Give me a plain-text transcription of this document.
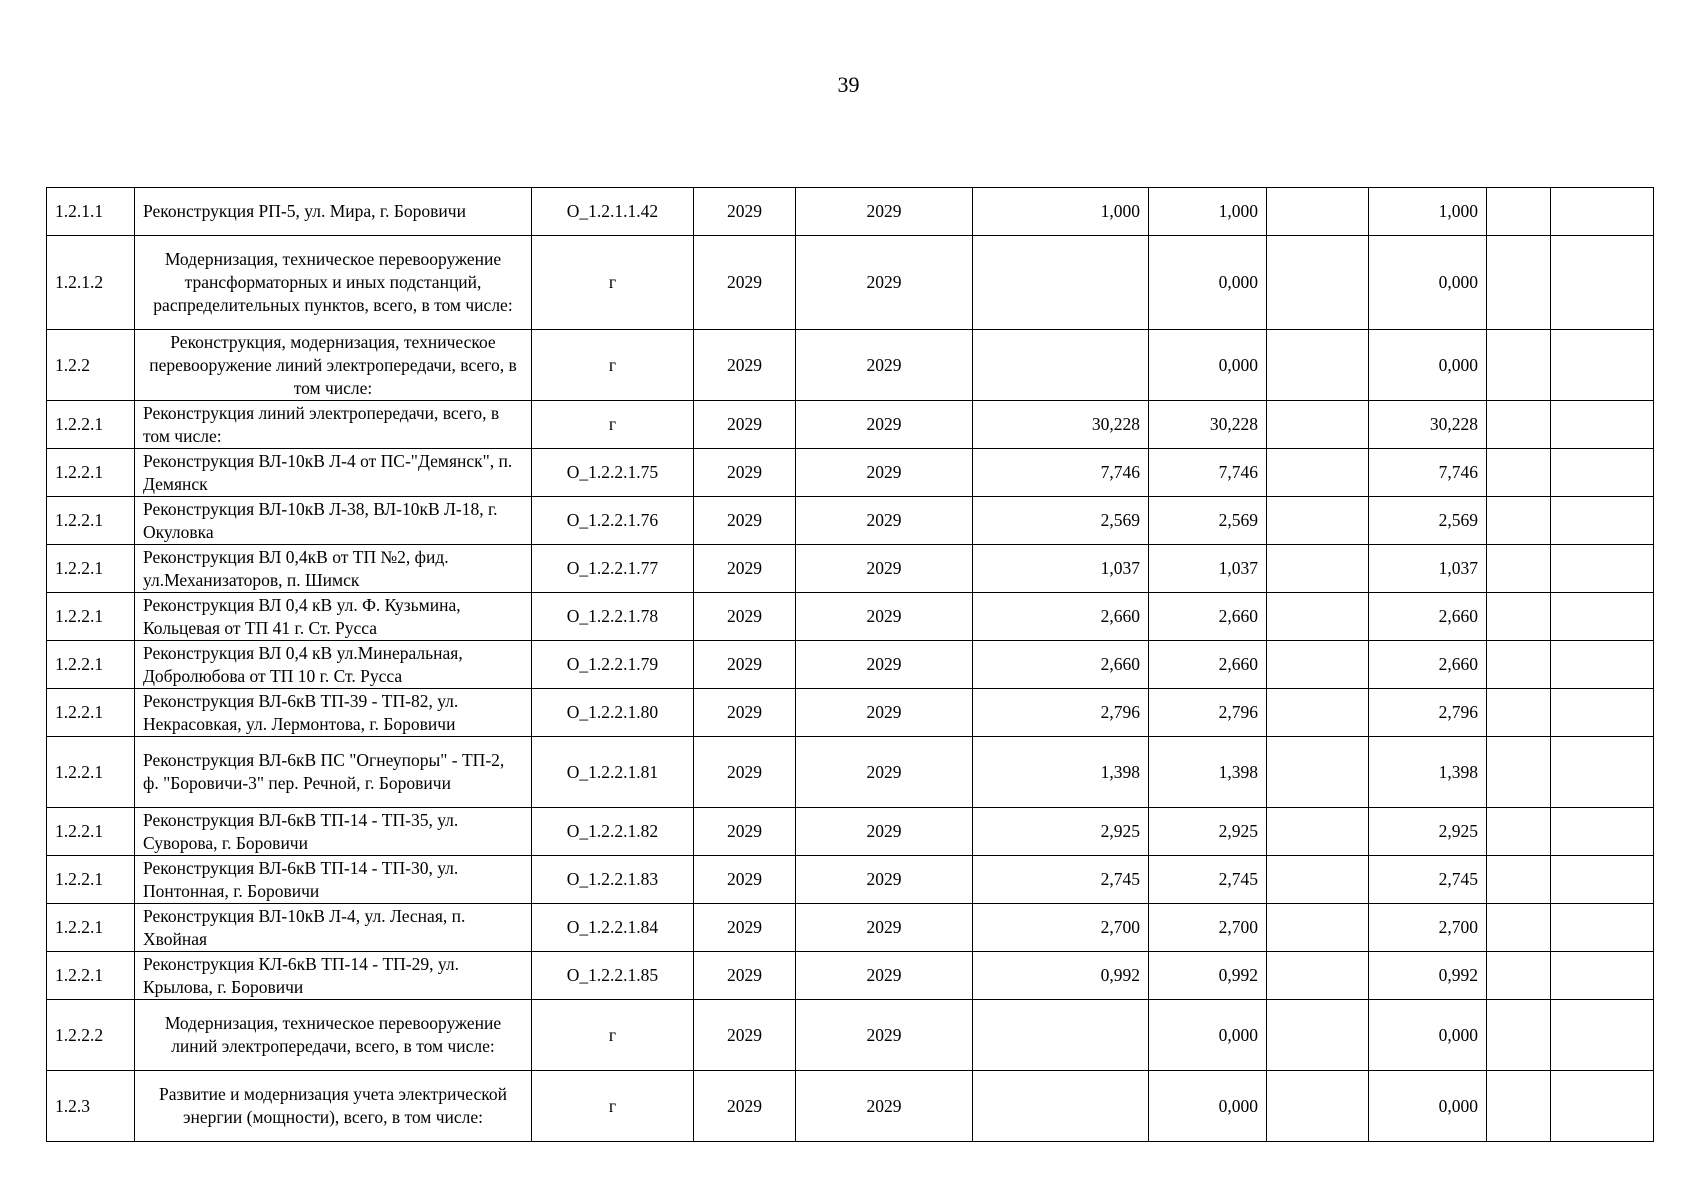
39
1.2.1.1	Реконструкция РП-5, ул. Мира, г. Боровичи	О_1.2.1.1.42	2029	2029	1,000	1,000		1,000		
1.2.1.2	Модернизация, техническое перевооружение трансформаторных и иных подстанций, распределительных пунктов, всего, в том числе:	г	2029	2029		0,000		0,000		
1.2.2	Реконструкция, модернизация, техническое перевооружение линий электропередачи, всего, в том числе:	г	2029	2029		0,000		0,000		
1.2.2.1	Реконструкция линий электропередачи, всего, в том числе:	г	2029	2029	30,228	30,228		30,228		
1.2.2.1	Реконструкция ВЛ-10кВ Л-4 от ПС-"Демянск", п. Демянск	О_1.2.2.1.75	2029	2029	7,746	7,746		7,746		
1.2.2.1	Реконструкция ВЛ-10кВ Л-38, ВЛ-10кВ Л-18, г. Окуловка	О_1.2.2.1.76	2029	2029	2,569	2,569		2,569		
1.2.2.1	Реконструкция ВЛ 0,4кВ от ТП №2, фид. ул.Механизаторов, п. Шимск	О_1.2.2.1.77	2029	2029	1,037	1,037		1,037		
1.2.2.1	Реконструкция ВЛ 0,4 кВ ул. Ф. Кузьмина, Кольцевая от ТП 41 г. Ст. Русса	О_1.2.2.1.78	2029	2029	2,660	2,660		2,660		
1.2.2.1	Реконструкция ВЛ 0,4 кВ ул.Минеральная, Добролюбова от ТП 10 г. Ст. Русса	О_1.2.2.1.79	2029	2029	2,660	2,660		2,660		
1.2.2.1	Реконструкция ВЛ-6кВ ТП-39 - ТП-82, ул. Некрасовкая, ул. Лермонтова, г. Боровичи	О_1.2.2.1.80	2029	2029	2,796	2,796		2,796		
1.2.2.1	Реконструкция ВЛ-6кВ ПС "Огнеупоры" - ТП-2, ф. "Боровичи-3" пер. Речной, г. Боровичи	О_1.2.2.1.81	2029	2029	1,398	1,398		1,398		
1.2.2.1	Реконструкция ВЛ-6кВ ТП-14 - ТП-35, ул. Суворова, г. Боровичи	О_1.2.2.1.82	2029	2029	2,925	2,925		2,925		
1.2.2.1	Реконструкция ВЛ-6кВ ТП-14 - ТП-30, ул. Понтонная, г. Боровичи	О_1.2.2.1.83	2029	2029	2,745	2,745		2,745		
1.2.2.1	Реконструкция ВЛ-10кВ Л-4, ул. Лесная, п. Хвойная	О_1.2.2.1.84	2029	2029	2,700	2,700		2,700		
1.2.2.1	Реконструкция КЛ-6кВ ТП-14 - ТП-29, ул. Крылова, г. Боровичи	О_1.2.2.1.85	2029	2029	0,992	0,992		0,992		
1.2.2.2	Модернизация, техническое перевооружение линий электропередачи, всего, в том числе:	г	2029	2029		0,000		0,000		
1.2.3	Развитие и модернизация учета электрической энергии (мощности), всего, в том числе:	г	2029	2029		0,000		0,000		
